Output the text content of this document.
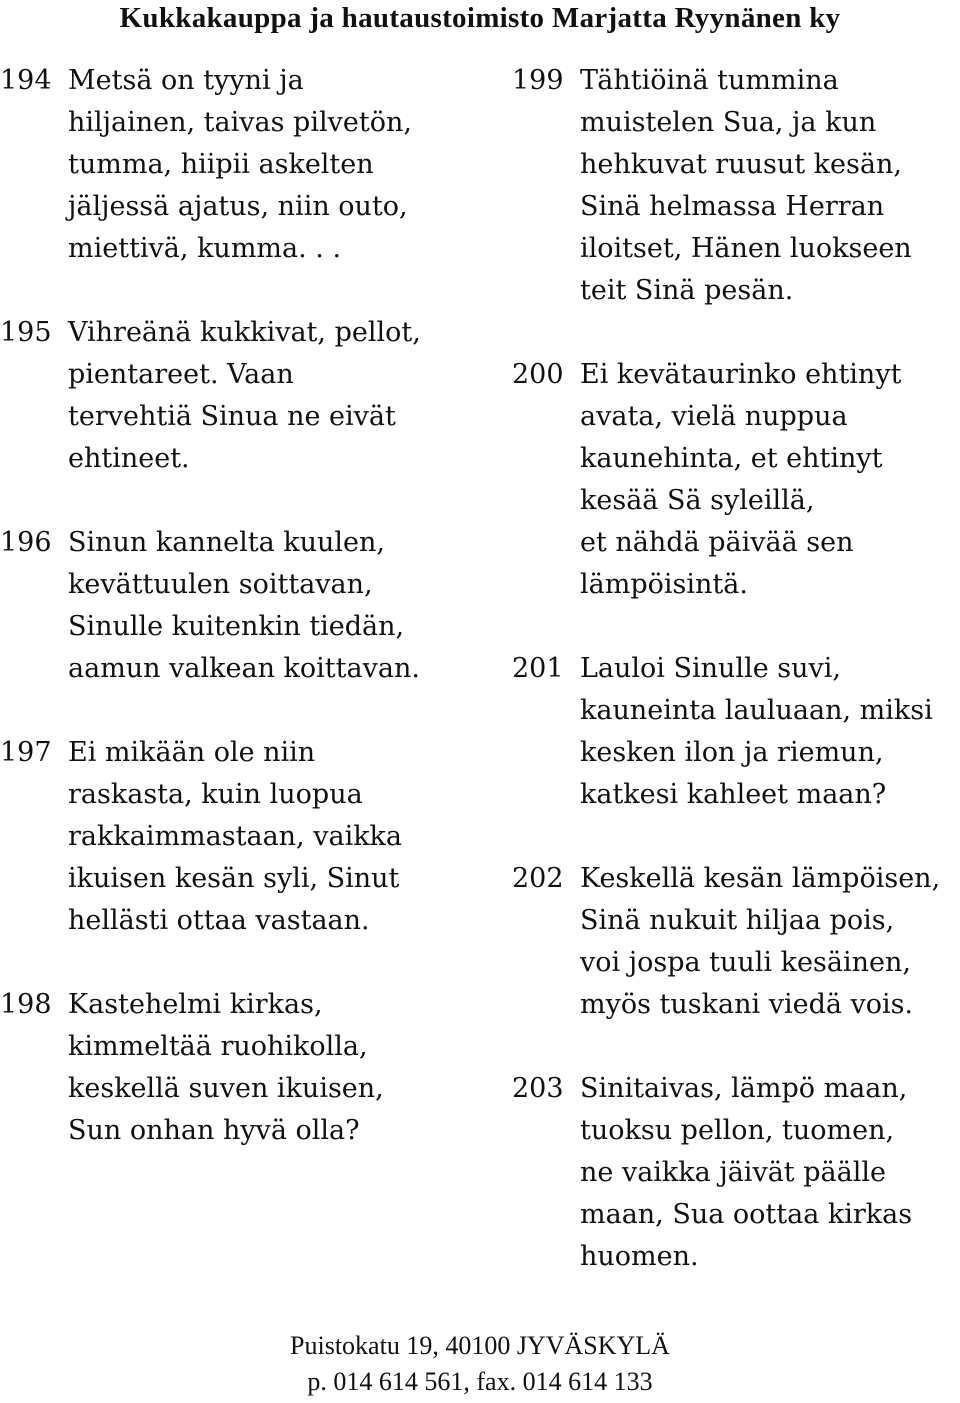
Kukkakauppa ja hautaustoimisto Marjatta Ryynänen ky
194 Metsä on tyyni ja
hiljainen, taivas pilvetön,
tumma, hiipii askelten
jäljessä ajatus, niin outo,
miettivä, kumma. . .
195 Vihreänä kukkivat, pellot,
pientareet. Vaan
tervehtiä Sinua ne eivät
ehtineet.
196 Sinun kannelta kuulen,
kevättuulen soittavan,
Sinulle kuitenkin tiedän,
aamun valkean koittavan.
197 Ei mikään ole niin
raskasta, kuin luopua
rakkaimmastaan, vaikka
ikuisen kesän syli, Sinut
hellästi ottaa vastaan.
198 Kastehelmi kirkas,
kimmeltää ruohikolla,
keskellä suven ikuisen,
Sun onhan hyvä olla?
199 Tähtiöinä tummina
muistelen Sua, ja kun
hehkuvat ruusut kesän,
Sinä helmassa Herran
iloitset, Hänen luokseen
teit Sinä pesän.
200 Ei kevätaurinko ehtinyt
avata, vielä nuppua
kaunehinta, et ehtinyt
kesää Sä syleillä,
et nähdä päivää sen
lämpöisintä.
201 Lauloi Sinulle suvi,
kauneinta lauluaan, miksi
kesken ilon ja riemun,
katkesi kahleet maan?
202 Keskellä kesän lämpöisen,
Sinä nukuit hiljaa pois,
voi jospa tuuli kesäinen,
myös tuskani viedä vois.
203 Sinitaivas, lämpö maan,
tuoksu pellon, tuomen,
ne vaikka jäivät päälle
maan, Sua oottaa kirkas
huomen.
Puistokatu 19, 40100 JYVÄSKYLÄ
p. 014 614 561, fax. 014 614 133
